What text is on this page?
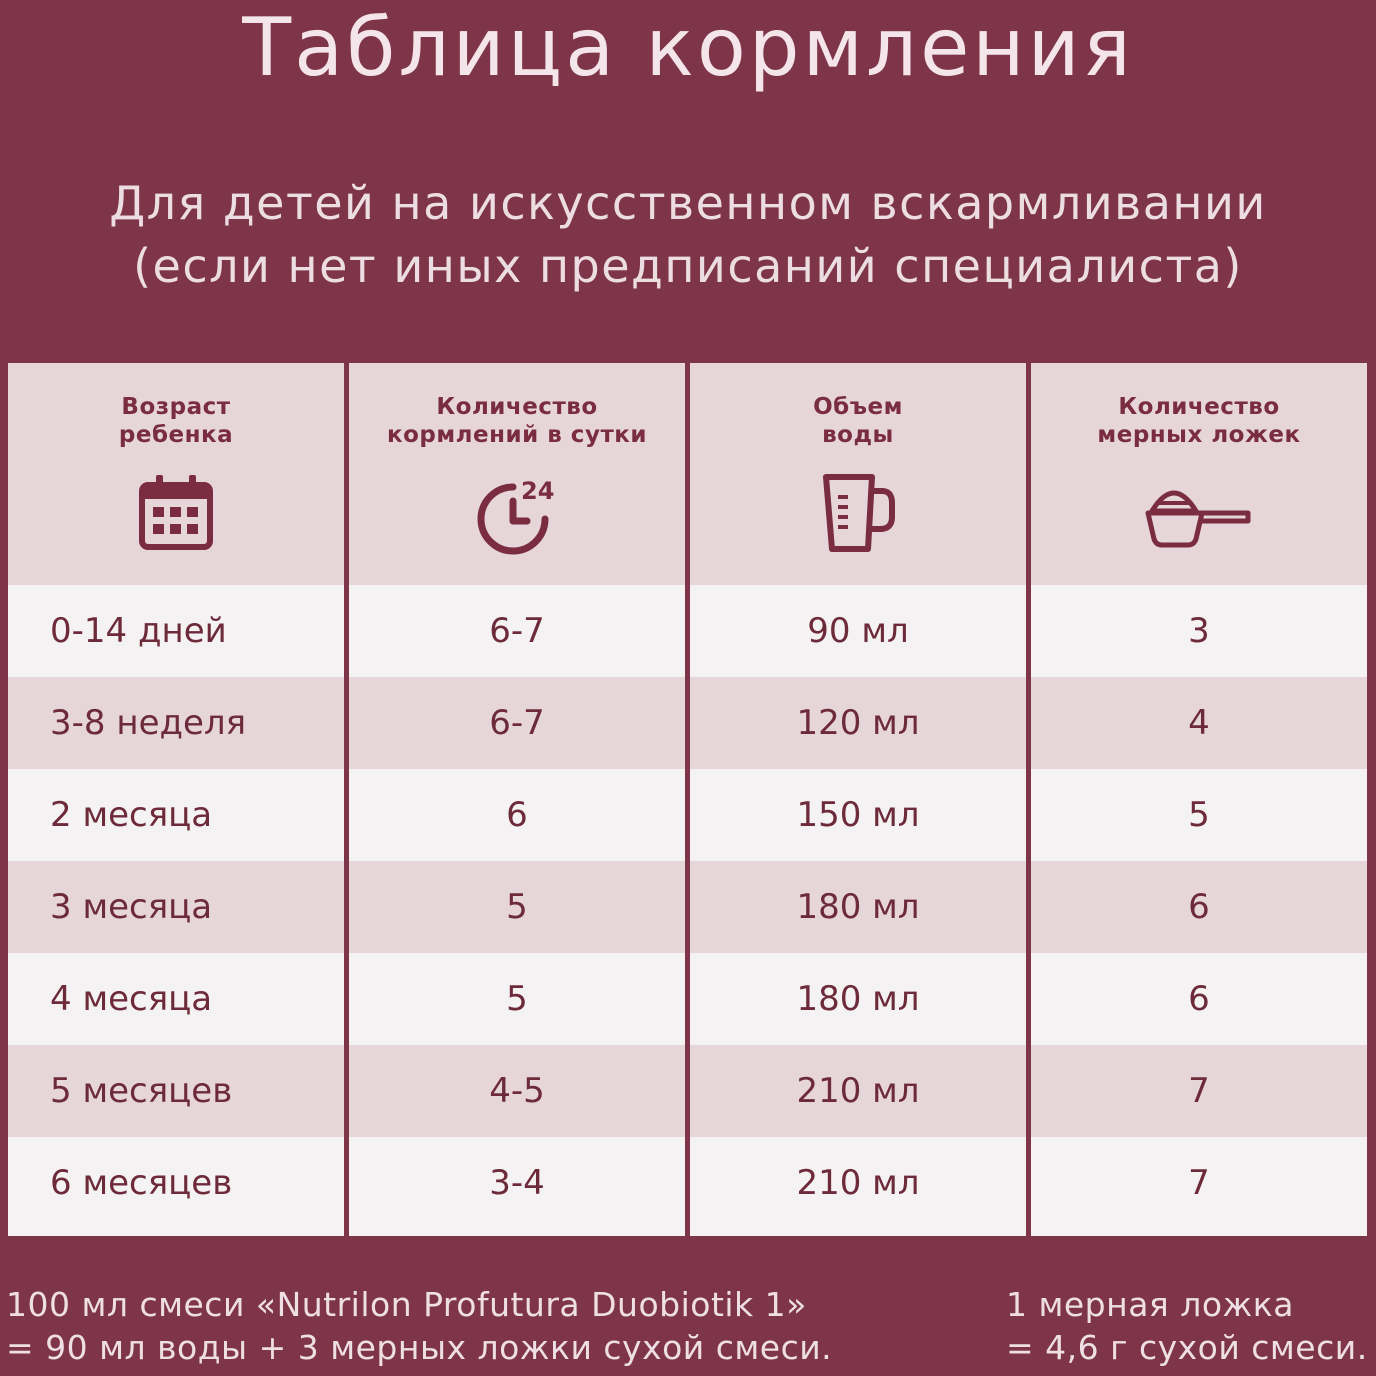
Таблица кормления
Для детей на искусственном вскармливании
(если нет иных предписаний специалиста)
Возраст
ребенка
0-14 дней
3-8 неделя
2 месяца
3 месяца
4 месяца
5 месяцев
6 месяцев
Количество
кормлений в сутки
24
6-7
6-7
6
5
5
4-5
3-4
Объем
воды
90 мл
120 мл
150 мл
180 мл
180 мл
210 мл
210 мл
Количество
мерных ложек
3
4
5
6
6
7
7
100 мл смеси «Nutrilon Profutura Duobiotik 1»
= 90 мл воды + 3 мерных ложки сухой смеси.
1 мерная ложка
= 4,6 г сухой смеси.
